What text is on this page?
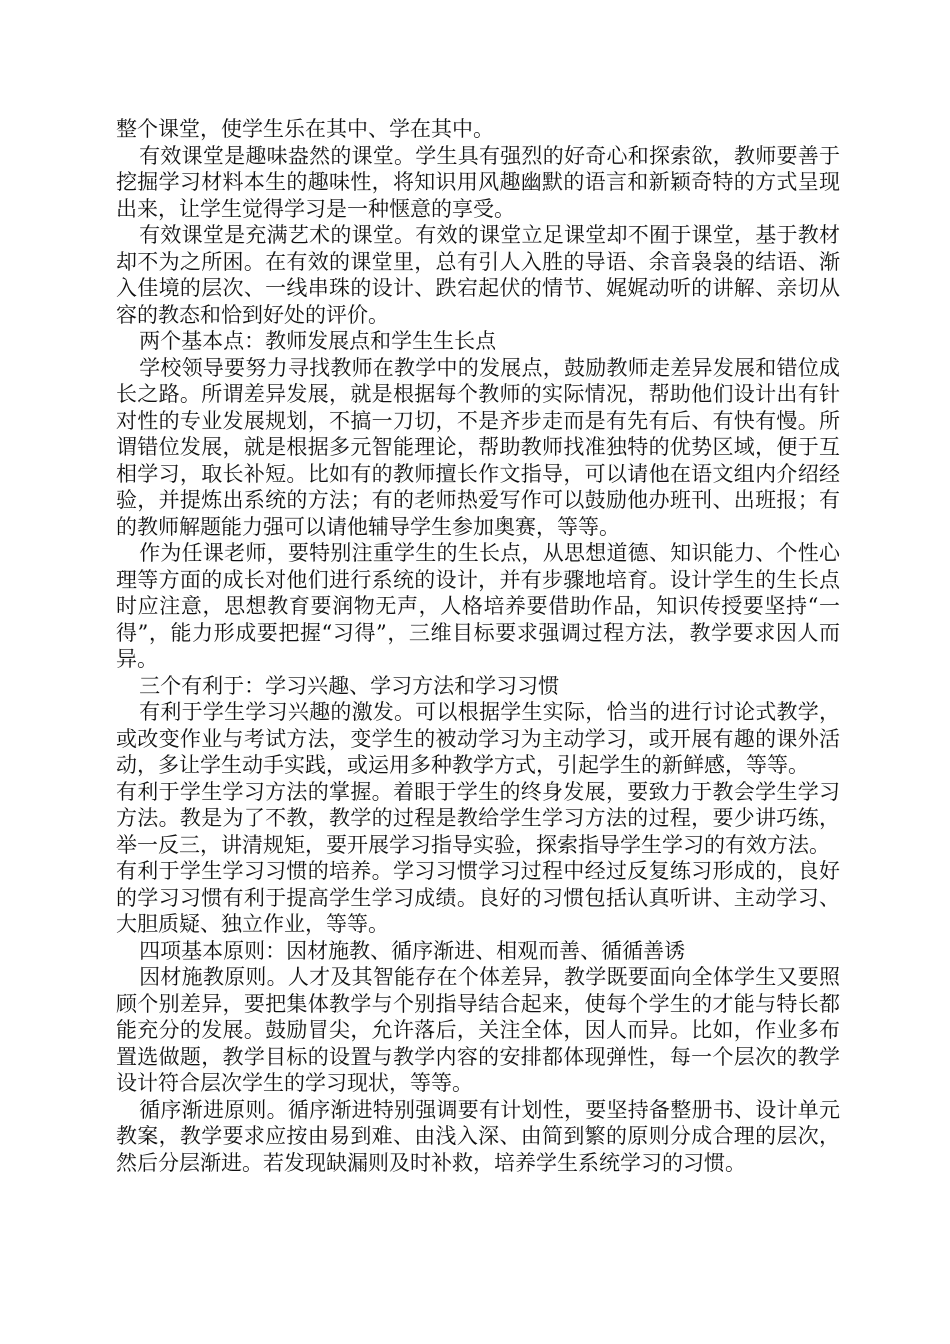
整个课堂，使学生乐在其中、学在其中。

有效课堂是趣味盎然的课堂。学生具有强烈的好奇心和探索欲，教师要善于挖掘学习材料本生的趣味性，将知识用风趣幽默的语言和新颖奇特的方式呈现出来，让学生觉得学习是一种惬意的享受。

有效课堂是充满艺术的课堂。有效的课堂立足课堂却不囿于课堂，基于教材却不为之所困。在有效的课堂里，总有引人入胜的导语、余音袅袅的结语、渐入佳境的层次、一线串珠的设计、跌宕起伏的情节、娓娓动听的讲解、亲切从容的教态和恰到好处的评价。

两个基本点：教师发展点和学生生长点

学校领导要努力寻找教师在教学中的发展点，鼓励教师走差异发展和错位成长之路。所谓差异发展，就是根据每个教师的实际情况，帮助他们设计出有针对性的专业发展规划，不搞一刀切，不是齐步走而是有先有后、有快有慢。所谓错位发展，就是根据多元智能理论，帮助教师找准独特的优势区域，便于互相学习，取长补短。比如有的教师擅长作文指导，可以请他在语文组内介绍经验，并提炼出系统的方法；有的老师热爱写作可以鼓励他办班刊、出班报；有的教师解题能力强可以请他辅导学生参加奥赛，等等。

作为任课老师，要特别注重学生的生长点，从思想道德、知识能力、个性心理等方面的成长对他们进行系统的设计，并有步骤地培育。设计学生的生长点时应注意，思想教育要润物无声，人格培养要借助作品，知识传授要坚持“一得”，能力形成要把握“习得”，三维目标要求强调过程方法，教学要求因人而异。

三个有利于：学习兴趣、学习方法和学习习惯

有利于学生学习兴趣的激发。可以根据学生实际，恰当的进行讨论式教学，或改变作业与考试方法，变学生的被动学习为主动学习，或开展有趣的课外活动，多让学生动手实践，或运用多种教学方式，引起学生的新鲜感，等等。

有利于学生学习方法的掌握。着眼于学生的终身发展，要致力于教会学生学习方法。教是为了不教，教学的过程是教给学生学习方法的过程，要少讲巧练，举一反三，讲清规矩，要开展学习指导实验，探索指导学生学习的有效方法。

有利于学生学习习惯的培养。学习习惯学习过程中经过反复练习形成的，良好的学习习惯有利于提高学生学习成绩。良好的习惯包括认真听讲、主动学习、大胆质疑、独立作业，等等。

四项基本原则：因材施教、循序渐进、相观而善、循循善诱

因材施教原则。人才及其智能存在个体差异，教学既要面向全体学生又要照顾个别差异，要把集体教学与个别指导结合起来，使每个学生的才能与特长都能充分的发展。鼓励冒尖，允许落后，关注全体，因人而异。比如，作业多布置选做题，教学目标的设置与教学内容的安排都体现弹性，每一个层次的教学设计符合层次学生的学习现状，等等。

循序渐进原则。循序渐进特别强调要有计划性，要坚持备整册书、设计单元教案，教学要求应按由易到难、由浅入深、由简到繁的原则分成合理的层次，然后分层渐进。若发现缺漏则及时补救，培养学生系统学习的习惯。
